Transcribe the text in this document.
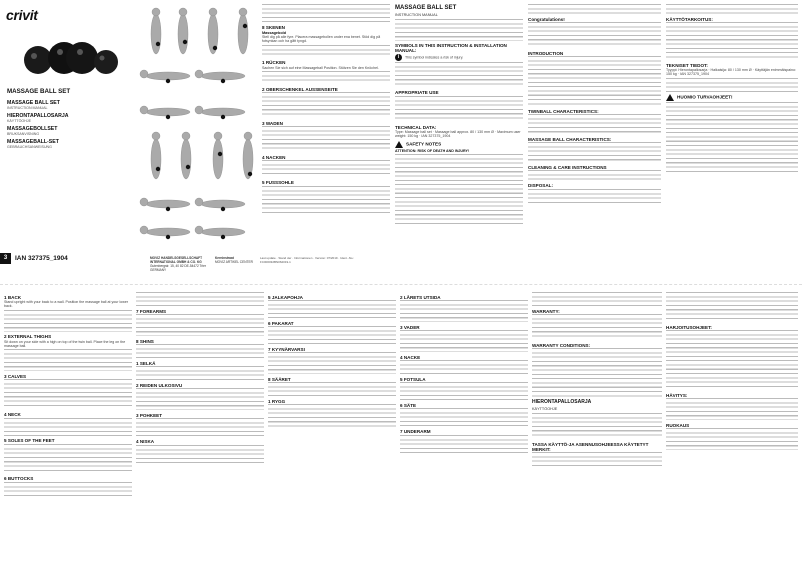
crivit
MASSAGE BALL SET
MASSAGE BALL SET
INSTRUCTION MANUAL
HIERONTAPALLOSARJA
KÄYTTÖOHJE
MASSAGEBOLLSET
BRUKSANVISNING
MASSAGEBALL-SET
GEBRAUCHSANWEISUNG
3	IAN 327375_1904	MOVIZ HANDELSGESELLSCHAFT INTERNATIONAL GMBH & CO. KG
Gutenbergstr. 15, 40 82 DE-54472 Trier GERMANY
Kerninstraat
MOVIZ ARTIKEL CENTER
Last update · Stand der · Informationen · Version: 07/2019 · Ident.-No.: FC000032BN062019-1
8 SKENEN
Massagebold

Stell dig på alle fyre. Placera massagebollen under ena benet. Stöd dig på fotsynkan och ha gått tyngd.

1 RÜCKEN

Sachen Sie sich auf eine Massageball Position. Stützen Sie den Knöchel.

2 OBERSCHENKEL AUSSENSEITE
3 WADEN
4 NACKEN
5 FUSSSOHLE
MASSAGE BALL SET
INSTRUCTION MANUAL
SYMBOLS IN THIS INSTRUCTION & INSTALLATION MANUAL:

i This symbol indicates a risk of injury.

APPROPRIATE USE
TECHNICAL DATA:

Type: Massage ball set · Massage ball approx. 80 / 130 mm Ø · Maximum user weight: 150 kg · IAN 327375_1904

SAFETY NOTES

ATTENTION: RISK OF DEATH AND INJURY!

Congratulations!
INTRODUCTION
TWINBALL CHARACTERISTICS:
MASSAGE BALL CHARACTERISTICS:
CLEANING & CARE INSTRUCTIONS
DISPOSAL:
KÄYTTÖTARKOITUS:
TEKNISET TIEDOT:

Tyyppi: Hierontapallosarja · Halkaisija: 80 / 130 mm Ø · Käyttäjän enimmäispaino: 150 kg · IAN 327375_1904

HUOMIO TURVAOHJEET!
1 BACK

Stand upright with your back to a wall. Position the massage ball at your lower back.

2 EXTERNAL THIGHS

Sit down on your side with a high on top of the twin ball. Place the leg on the massage ball.

3 CALVES
4 NECK
5 SOLES OF THE FEET
6 BUTTOCKS
7 FOREARMS
8 SHINS
1 SELKÄ
2 REIDEN ULKOSIVU
3 POHKEET
4 NISKA
5 JALKAPOHJA
6 PAKARAT
7 KYYNÄRVARSI
8 SÄÄRET
1 RYGG
2 LÅRETS UTSIDA
3 VADER
4 NACKE
5 FOTSULA
6 SÄTE
7 UNDERARM
WARRANTY:
WARRANTY CONDITIONS:
HIERONTAPALLOSARJA
KÄYTTÖOHJE
TASSA KÄYTTÖ-JA ASENNUSOHJEESSA KÄYTETYT MERKIT:
HARJOITUSOHJEET:
HÄVITYS:
RUOKAUS
